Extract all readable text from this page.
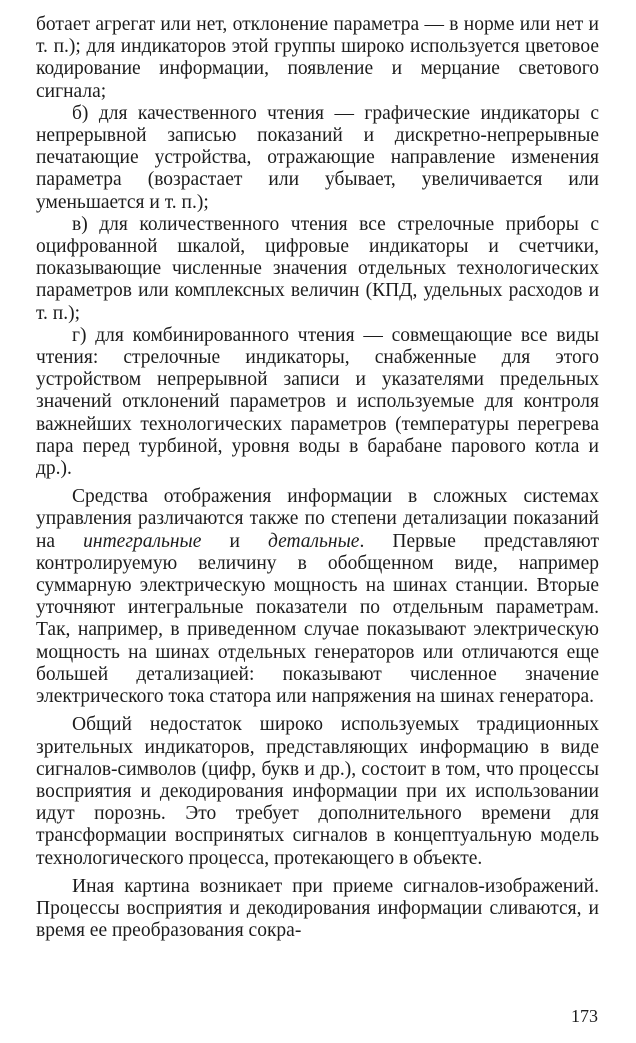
ботает агрегат или нет, отклонение параметра — в норме или нет и т. п.); для индикаторов этой группы широко используется цветовое кодирование информации, появление и мерцание светового сигнала;

б) для качественного чтения — графические индикаторы с непрерывной записью показаний и дискретно-непрерывные печатающие устройства, отражающие направление изменения параметра (возрастает или убывает, увеличивается или уменьшается и т. п.);

в) для количественного чтения все стрелочные приборы с оцифрованной шкалой, цифровые индикаторы и счетчики, показывающие численные значения отдельных технологических параметров или комплексных величин (КПД, удельных расходов и т. п.);

г) для комбинированного чтения — совмещающие все виды чтения: стрелочные индикаторы, снабженные для этого устройством непрерывной записи и указателями предельных значений отклонений параметров и используемые для контроля важнейших технологических параметров (температуры перегрева пара перед турбиной, уровня воды в барабане парового котла и др.).

Средства отображения информации в сложных системах управления различаются также по степени детализации показаний на интегральные и детальные. Первые представляют контролируемую величину в обобщенном виде, например суммарную электрическую мощность на шинах станции. Вторые уточняют интегральные показатели по отдельным параметрам. Так, например, в приведенном случае показывают электрическую мощность на шинах отдельных генераторов или отличаются еще большей детализацией: показывают численное значение электрического тока статора или напряжения на шинах генератора.

Общий недостаток широко используемых традиционных зрительных индикаторов, представляющих информацию в виде сигналов-символов (цифр, букв и др.), состоит в том, что процессы восприятия и декодирования информации при их использовании идут порознь. Это требует дополнительного времени для трансформации воспринятых сигналов в концептуальную модель технологического процесса, протекающего в объекте.

Иная картина возникает при приеме сигналов-изображений. Процессы восприятия и декодирования информации сливаются, и время ее преобразования сокра-

173
